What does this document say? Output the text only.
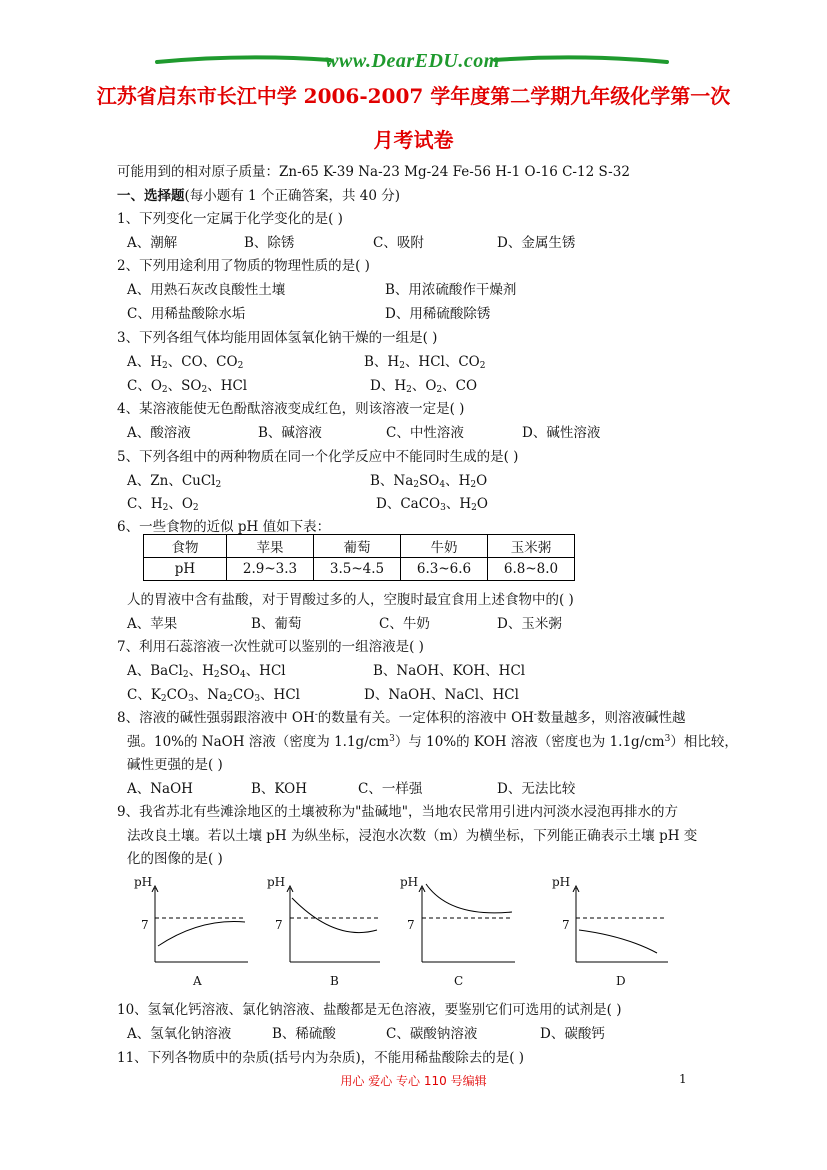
www.DearEDU.com
江苏省启东市长江中学 2006-2007 学年度第二学期九年级化学第一次
月考试卷
可能用到的相对原子质量：Zn-65 K-39 Na-23 Mg-24 Fe-56 H-1 O-16 C-12 S-32
一、选择题(每小题有 1 个正确答案，共 40 分)
1、下列变化一定属于化学变化的是( )
A、潮解	B、除锈	C、吸附	D、金属生锈
2、下列用途利用了物质的物理性质的是( )
A、用熟石灰改良酸性土壤	B、用浓硫酸作干燥剂
C、用稀盐酸除水垢	D、用稀硫酸除锈
3、下列各组气体均能用固体氢氧化钠干燥的一组是( )
A、$H_2$、CO、$CO_2$	B、$H_2$、HCl、$CO_2$
C、$O_2$、$SO_2$、HCl	D、$H_2$、$O_2$、CO
4、某溶液能使无色酚酞溶液变成红色，则该溶液一定是( )
A、酸溶液	B、碱溶液	C、中性溶液	D、碱性溶液
5、下列各组中的两种物质在同一个化学反应中不能同时生成的是( )
A、Zn、CuCl$_2$	B、$Na_2SO_4$、$H_2O$
C、$H_2$、$O_2$	D、CaCO$_3$、$H_2O$
6、一些食物的近似 pH 值如下表：
食物	苹果	葡萄	牛奶	玉米粥
pH	2.9~3.3	3.5~4.5	6.3~6.6	6.8~8.0
人的胃液中含有盐酸，对于胃酸过多的人，空腹时最宜食用上述食物中的( )
A、苹果	B、葡萄	C、牛奶	D、玉米粥
7、利用石蕊溶液一次性就可以鉴别的一组溶液是( )
A、BaCl$_2$、$H_2SO_4$、HCl	B、NaOH、KOH、HCl
C、$K_2CO_3$、$Na_2CO_3$、HCl	D、NaOH、NaCl、HCl
8、溶液的碱性强弱跟溶液中 OH-的数量有关。一定体积的溶液中 OH-数量越多，则溶液碱性越
强。10%的 NaOH 溶液（密度为 $1.1g/cm^3$）与 10%的 KOH 溶液（密度也为 $1.1g/cm^3$）相比较，
碱性更强的是( )
A、NaOH	B、KOH	C、一样强	D、无法比较
9、我省苏北有些滩涂地区的土壤被称为"盐碱地"，当地农民常用引进内河淡水浸泡再排水的方
法改良土壤。若以土壤 pH 为纵坐标，浸泡水次数（m）为横坐标，下列能正确表示土壤 pH 变
化的图像的是( )
pH	pH	pH	pH
7	7	7	7
A	B	C	D
10、氢氧化钙溶液、氯化钠溶液、盐酸都是无色溶液，要鉴别它们可选用的试剂是( )
A、氢氧化钠溶液	B、稀硫酸	C、碳酸钠溶液	D、碳酸钙
11、下列各物质中的杂质(括号内为杂质)，不能用稀盐酸除去的是( )
用心 爱心 专心 110 号编辑	1
